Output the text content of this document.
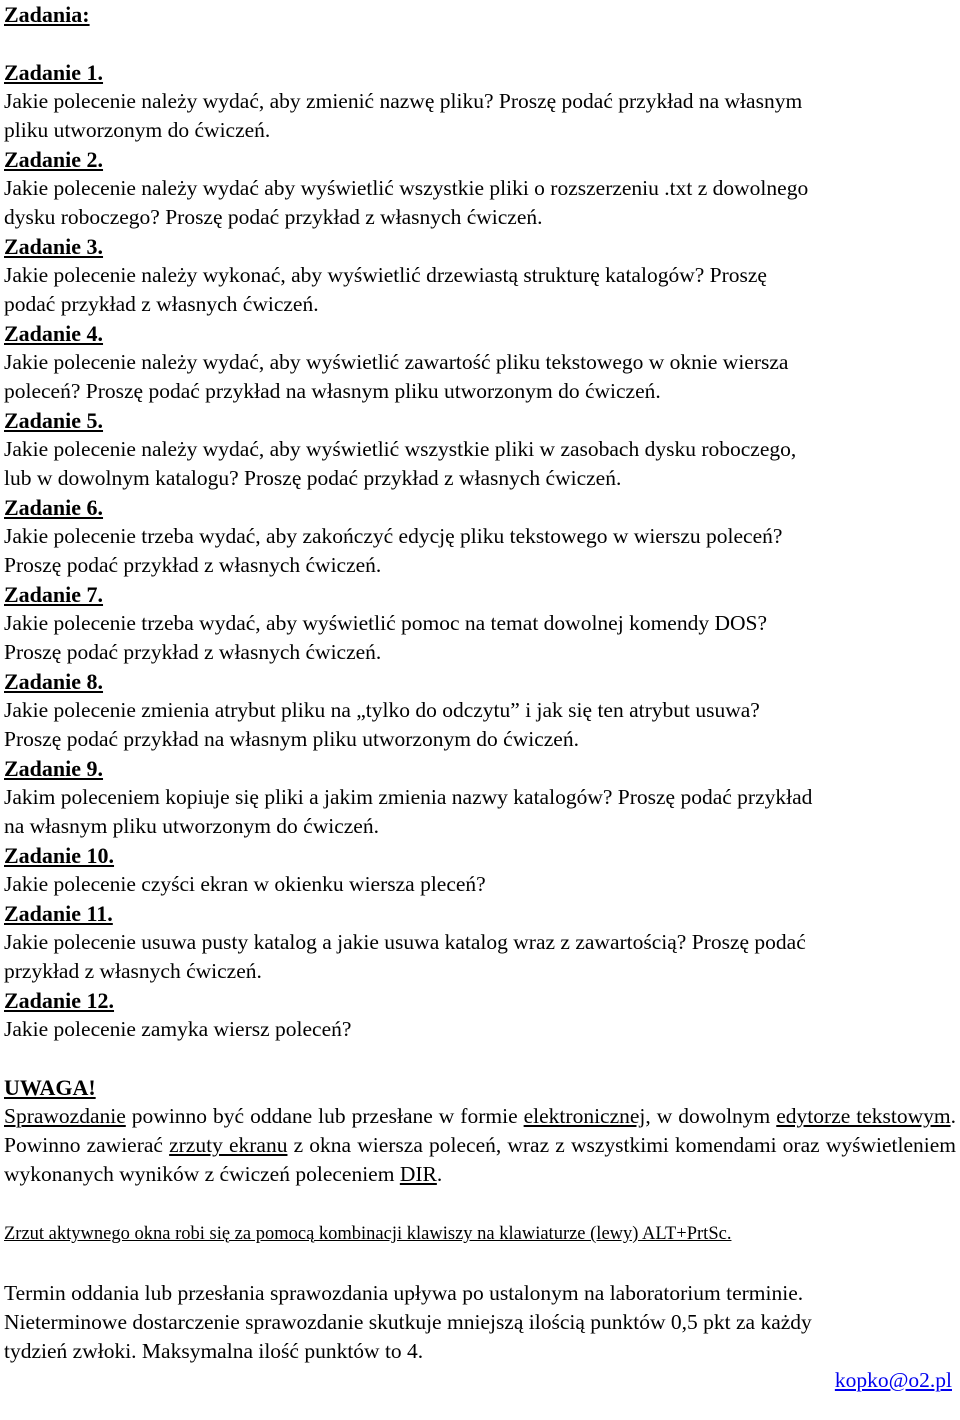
Zadania:

Zadanie 1.

Jakie polecenie należy wydać, aby zmienić nazwę pliku? Proszę podać przykład na własnym

pliku utworzonym do ćwiczeń.

Zadanie 2.

Jakie polecenie należy wydać aby wyświetlić wszystkie pliki o rozszerzeniu .txt z dowolnego

dysku roboczego? Proszę podać przykład z własnych ćwiczeń.

Zadanie 3.

Jakie polecenie należy wykonać, aby wyświetlić drzewiastą strukturę katalogów? Proszę

podać przykład z własnych ćwiczeń.

Zadanie 4.

Jakie polecenie należy wydać, aby wyświetlić zawartość pliku tekstowego w oknie wiersza

poleceń? Proszę podać przykład na własnym pliku utworzonym do ćwiczeń.

Zadanie 5.

Jakie polecenie należy wydać, aby wyświetlić wszystkie pliki w zasobach dysku roboczego,

lub w dowolnym katalogu? Proszę podać przykład z własnych ćwiczeń.

Zadanie 6.

Jakie polecenie trzeba wydać, aby zakończyć edycję pliku tekstowego w wierszu poleceń?

Proszę podać przykład z własnych ćwiczeń.

Zadanie 7.

Jakie polecenie trzeba wydać, aby wyświetlić pomoc na temat dowolnej komendy DOS?

Proszę podać przykład z własnych ćwiczeń.

Zadanie 8.

Jakie polecenie zmienia atrybut pliku na „tylko do odczytu” i jak się ten atrybut usuwa?

Proszę podać przykład na własnym pliku utworzonym do ćwiczeń.

Zadanie 9.

Jakim poleceniem kopiuje się pliki a jakim zmienia nazwy katalogów? Proszę podać przykład

na własnym pliku utworzonym do ćwiczeń.

Zadanie 10.

Jakie polecenie czyści ekran w okienku wiersza pleceń?

Zadanie 11.

Jakie polecenie usuwa pusty katalog a jakie usuwa katalog wraz z zawartością? Proszę podać

przykład z własnych ćwiczeń.

Zadanie 12.

Jakie polecenie zamyka wiersz poleceń?

UWAGA!

Sprawozdanie powinno być oddane lub przesłane w formie elektronicznej, w dowolnym edytorze tekstowym. Powinno zawierać zrzuty ekranu z okna wiersza poleceń, wraz z wszystkimi komendami oraz wyświetleniem wykonanych wyników z ćwiczeń poleceniem DIR.

Zrzut aktywnego okna robi się za pomocą kombinacji klawiszy na klawiaturze (lewy) ALT+PrtSc.

Termin oddania lub przesłania sprawozdania upływa po ustalonym na laboratorium terminie.

Nieterminowe dostarczenie sprawozdanie skutkuje mniejszą ilością punktów 0,5 pkt za każdy

tydzień zwłoki. Maksymalna ilość punktów to 4.

kopko@o2.pl
